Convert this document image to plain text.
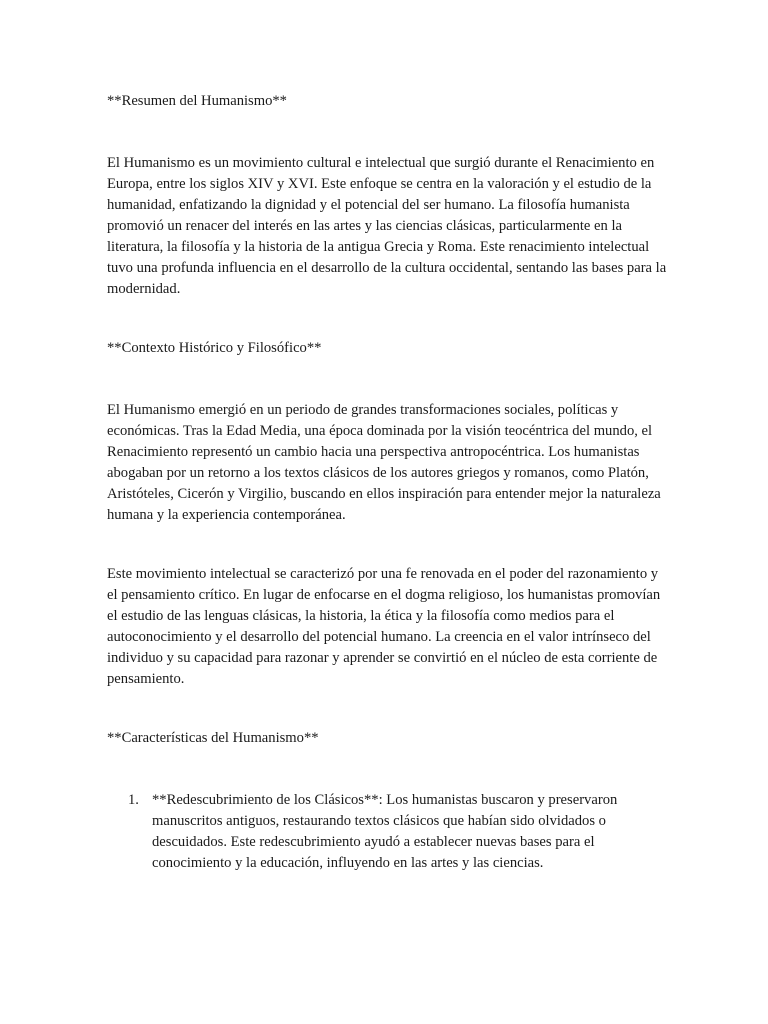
**Resumen del Humanismo**

El Humanismo es un movimiento cultural e intelectual que surgió durante el Renacimiento en Europa, entre los siglos XIV y XVI. Este enfoque se centra en la valoración y el estudio de la humanidad, enfatizando la dignidad y el potencial del ser humano. La filosofía humanista promovió un renacer del interés en las artes y las ciencias clásicas, particularmente en la literatura, la filosofía y la historia de la antigua Grecia y Roma. Este renacimiento intelectual tuvo una profunda influencia en el desarrollo de la cultura occidental, sentando las bases para la modernidad.

**Contexto Histórico y Filosófico**

El Humanismo emergió en un periodo de grandes transformaciones sociales, políticas y económicas. Tras la Edad Media, una época dominada por la visión teocéntrica del mundo, el Renacimiento representó un cambio hacia una perspectiva antropocéntrica. Los humanistas abogaban por un retorno a los textos clásicos de los autores griegos y romanos, como Platón, Aristóteles, Cicerón y Virgilio, buscando en ellos inspiración para entender mejor la naturaleza humana y la experiencia contemporánea.

Este movimiento intelectual se caracterizó por una fe renovada en el poder del razonamiento y el pensamiento crítico. En lugar de enfocarse en el dogma religioso, los humanistas promovían el estudio de las lenguas clásicas, la historia, la ética y la filosofía como medios para el autoconocimiento y el desarrollo del potencial humano. La creencia en el valor intrínseco del individuo y su capacidad para razonar y aprender se convirtió en el núcleo de esta corriente de pensamiento.

**Características del Humanismo**

1. **Redescubrimiento de los Clásicos**: Los humanistas buscaron y preservaron manuscritos antiguos, restaurando textos clásicos que habían sido olvidados o descuidados. Este redescubrimiento ayudó a establecer nuevas bases para el conocimiento y la educación, influyendo en las artes y las ciencias.
